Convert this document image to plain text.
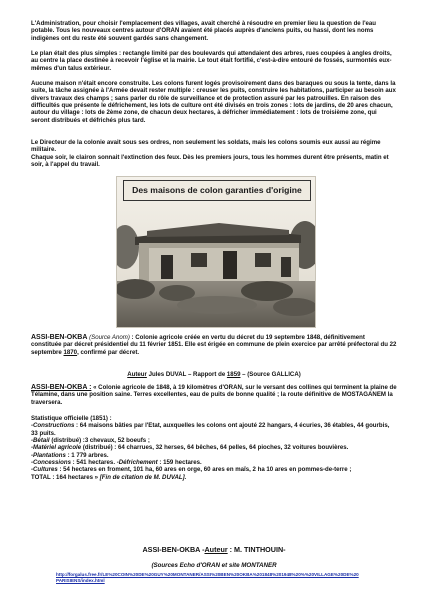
L'Administration, pour choisir l'emplacement des villages, avait cherché à résoudre en premier lieu la question de l'eau potable. Tous les nouveaux centres autour d'ORAN avaient été placés auprès d'anciens puits, ou hassi, dont les noms indigènes ont du reste été souvent gardés sans changement.

Le plan était des plus simples : rectangle limité par des boulevards qui attendaient des arbres, rues coupées à angles droits, au centre la place destinée à recevoir l'église et la mairie. Le tout était fortifié, c'est-à-dire entouré de fossés, surmontés eux-mêmes d'un talus extérieur.

Aucune maison n'était encore construite. Les colons furent logés provisoirement dans des baraques ou sous la tente, dans la suite, la tâche assignée à l'Armée devait rester multiple : creuser les puits, construire les habitations, participer au besoin aux divers travaux des champs ; sans parler du rôle de surveillance et de protection assuré par les patrouilles. En raison des difficultés que présente le défrichement, les lots de culture ont été divisés en trois zones : lots de jardins, de 20 ares chacun, autour du village : lots de 2ème zone, de chacun deux hectares, à défricher immédiatement : lots de troisième zone, qui seront distribués et défrichés plus tard.

Le Directeur de la colonie avait sous ses ordres, non seulement les soldats, mais les colons soumis eux aussi au régime militaire.

Chaque soir, le clairon sonnait l'extinction des feux. Dès les premiers jours, tous les hommes durent être présents, matin et soir, à l'appel du travail.

Des maisons de colon garanties d'origine

ASSI-BEN-OKBA (Source Anom) : Colonie agricole créée en vertu du décret du 19 septembre 1848, définitivement constituée par décret présidentiel du 11 février 1851. Elle est érigée en commune de plein exercice par arrêté préfectoral du 22 septembre 1870, confirmé par décret.

Auteur Jules DUVAL – Rapport de 1859 – (Source GALLICA)

ASSI-BEN-OKBA : « Colonie agricole de 1848, à 19 kilomètres d'ORAN, sur le versant des collines qui terminent la plaine de Télamine, dans une position saine. Terres excellentes, eau de puits de bonne qualité ; la route définitive de MOSTAGANEM la traversera.

Statistique officielle (1851) :
-Constructions : 64 maisons bâties par l'Etat, auxquelles les colons ont ajouté 22 hangars, 4 écuries, 36 étables, 44 gourbis, 33 puits.
-Bétail (distribué) :3 chevaux, 52 boeufs ;
-Matériel agricole (distribué) : 64 charrues, 32 herses, 64 bêches, 64 pelles, 64 pioches, 32 voitures bouvières.
-Plantations : 1 779 arbres.
-Concessions : 541 hectares. -Défrichement : 159 hectares.
-Cultures : 54 hectares en froment, 101 ha, 60 ares en orge, 60 ares en maïs, 2 ha 10 ares en pommes-de-terre ;
TOTAL : 164 hectares » [Fin de citation de M. DUVAL].

ASSI-BEN-OKBA -Auteur : M. TINTHOUIN-

(Sources Echo d'ORAN et site MONTANER

http://forgalus.free.fr/LE%20COIN%20DE%20GUY%20MONTANER/ASSI%20BEN%20OKBA%201848%201948%20%%20VILLAGE%20DE%20
PARISIENS/index.html
